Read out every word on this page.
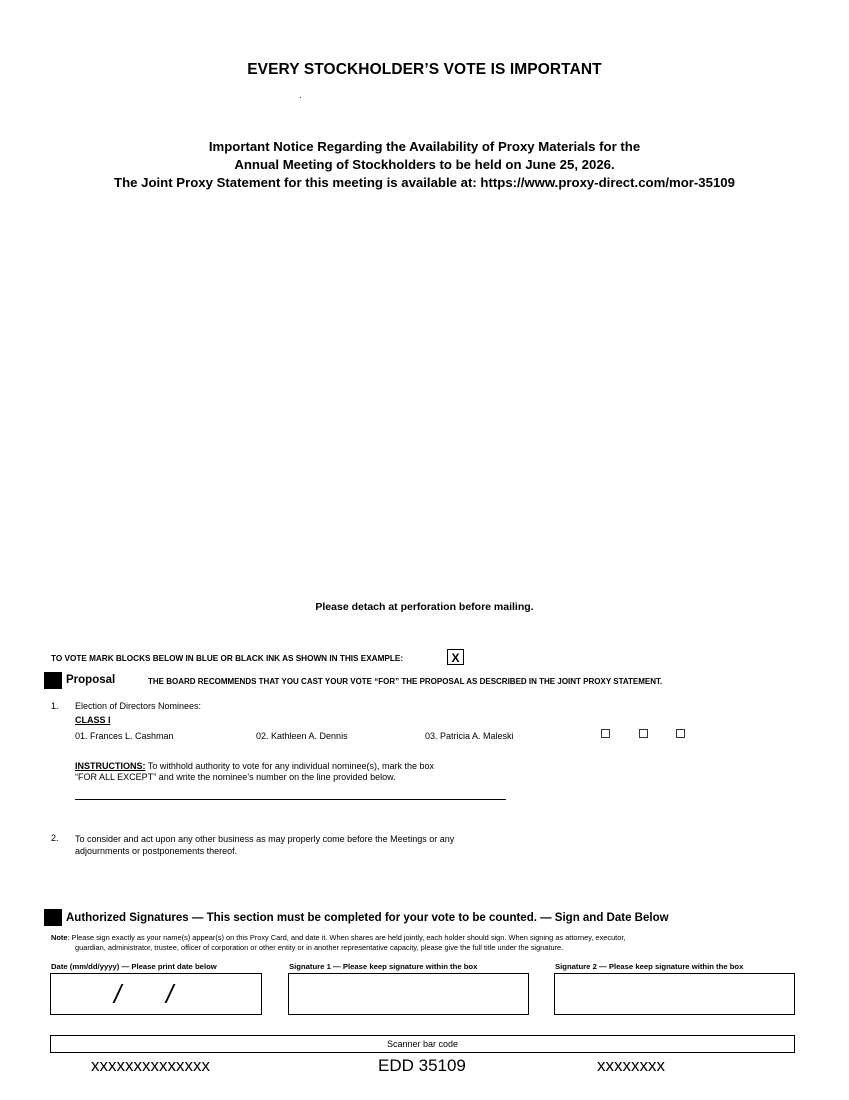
EVERY STOCKHOLDER’S VOTE IS IMPORTANT
Important Notice Regarding the Availability of Proxy Materials for the
Annual Meeting of Stockholders to be held on June 25, 2026.
The Joint Proxy Statement for this meeting is available at: https://www.proxy-direct.com/mor-35109
Please detach at perforation before mailing.
TO VOTE MARK BLOCKS BELOW IN BLUE OR BLACK INK AS SHOWN IN THIS EXAMPLE:	X
Proposal	THE BOARD RECOMMENDS THAT YOU CAST YOUR VOTE “FOR” THE PROPOSAL AS DESCRIBED IN THE JOINT PROXY STATEMENT.
1. Election of Directors Nominees:
CLASS I
01. Frances L. Cashman	02. Kathleen A. Dennis	03. Patricia A. Maleski
INSTRUCTIONS: To withhold authority to vote for any individual nominee(s), mark the box
“FOR ALL EXCEPT” and write the nominee’s number on the line provided below.
2. To consider and act upon any other business as may properly come before the Meetings or any
adjournments or postponements thereof.
Authorized Signatures — This section must be completed for your vote to be counted. — Sign and Date Below
Note: Please sign exactly as your name(s) appear(s) on this Proxy Card, and date it. When shares are held jointly, each holder should sign. When signing as attorney, executor,
guardian, administrator, trustee, officer of corporation or other entity or in another representative capacity, please give the full title under the signature.
Date (mm/dd/yyyy) — Please print date below	Signature 1 — Please keep signature within the box	Signature 2 — Please keep signature within the box
/ /
Scanner bar code
xxxxxxxxxxxxxx	EDD 35109	xxxxxxxx
